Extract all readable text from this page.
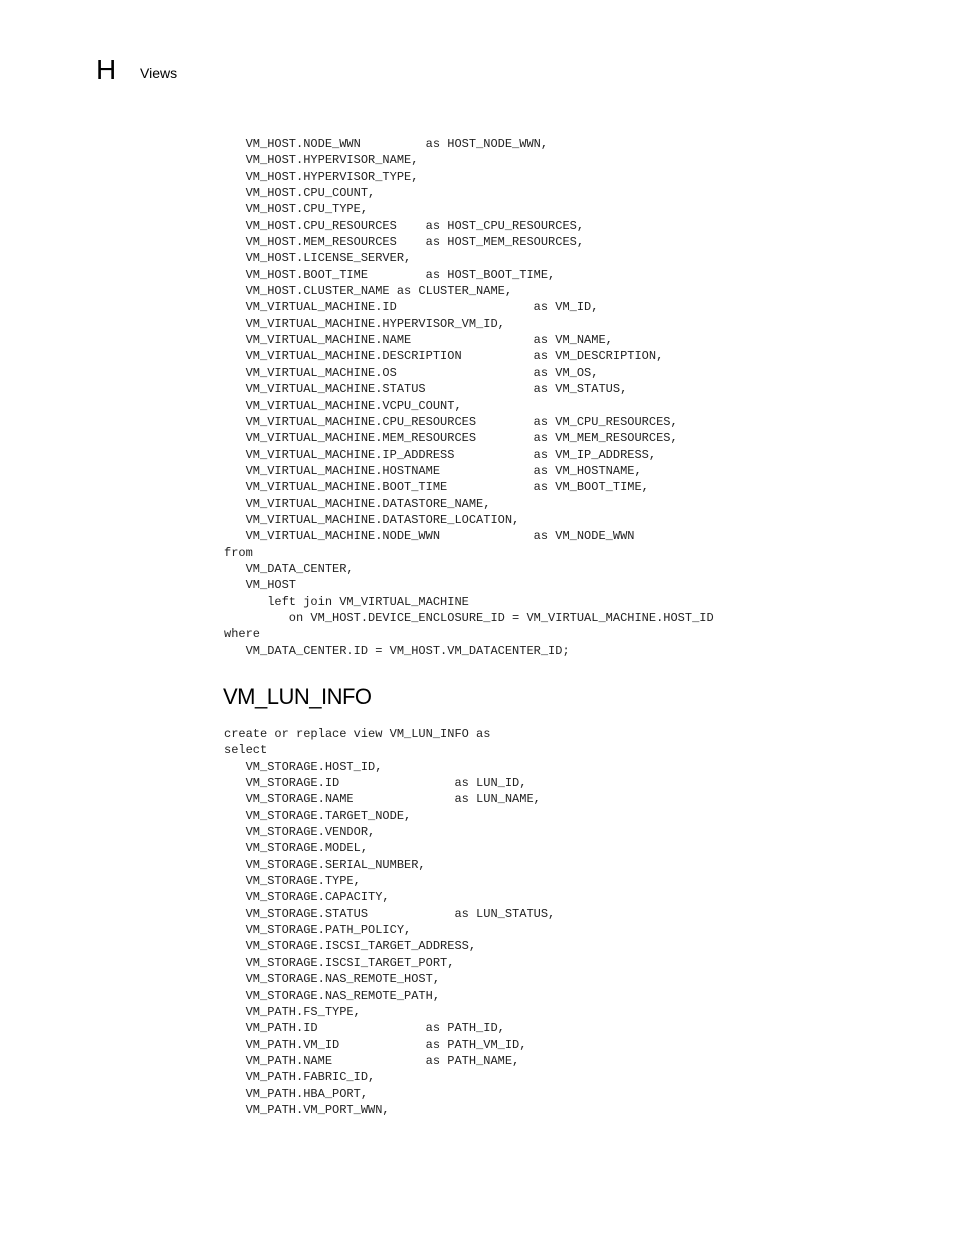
H Views
VM_HOST.NODE_WWN         as HOST_NODE_WWN,
VM_HOST.HYPERVISOR_NAME,
VM_HOST.HYPERVISOR_TYPE,
VM_HOST.CPU_COUNT,
VM_HOST.CPU_TYPE,
VM_HOST.CPU_RESOURCES    as HOST_CPU_RESOURCES,
VM_HOST.MEM_RESOURCES    as HOST_MEM_RESOURCES,
VM_HOST.LICENSE_SERVER,
VM_HOST.BOOT_TIME        as HOST_BOOT_TIME,
VM_HOST.CLUSTER_NAME as CLUSTER_NAME,
VM_VIRTUAL_MACHINE.ID                   as VM_ID,
VM_VIRTUAL_MACHINE.HYPERVISOR_VM_ID,
VM_VIRTUAL_MACHINE.NAME                 as VM_NAME,
VM_VIRTUAL_MACHINE.DESCRIPTION          as VM_DESCRIPTION,
VM_VIRTUAL_MACHINE.OS                   as VM_OS,
VM_VIRTUAL_MACHINE.STATUS               as VM_STATUS,
VM_VIRTUAL_MACHINE.VCPU_COUNT,
VM_VIRTUAL_MACHINE.CPU_RESOURCES        as VM_CPU_RESOURCES,
VM_VIRTUAL_MACHINE.MEM_RESOURCES        as VM_MEM_RESOURCES,
VM_VIRTUAL_MACHINE.IP_ADDRESS           as VM_IP_ADDRESS,
VM_VIRTUAL_MACHINE.HOSTNAME             as VM_HOSTNAME,
VM_VIRTUAL_MACHINE.BOOT_TIME            as VM_BOOT_TIME,
VM_VIRTUAL_MACHINE.DATASTORE_NAME,
VM_VIRTUAL_MACHINE.DATASTORE_LOCATION,
VM_VIRTUAL_MACHINE.NODE_WWN             as VM_NODE_WWN
from
VM_DATA_CENTER,
VM_HOST
left join VM_VIRTUAL_MACHINE
on VM_HOST.DEVICE_ENCLOSURE_ID = VM_VIRTUAL_MACHINE.HOST_ID
where
VM_DATA_CENTER.ID = VM_HOST.VM_DATACENTER_ID;
VM_LUN_INFO
create or replace view VM_LUN_INFO as
select
VM_STORAGE.HOST_ID,
VM_STORAGE.ID                as LUN_ID,
VM_STORAGE.NAME              as LUN_NAME,
VM_STORAGE.TARGET_NODE,
VM_STORAGE.VENDOR,
VM_STORAGE.MODEL,
VM_STORAGE.SERIAL_NUMBER,
VM_STORAGE.TYPE,
VM_STORAGE.CAPACITY,
VM_STORAGE.STATUS            as LUN_STATUS,
VM_STORAGE.PATH_POLICY,
VM_STORAGE.ISCSI_TARGET_ADDRESS,
VM_STORAGE.ISCSI_TARGET_PORT,
VM_STORAGE.NAS_REMOTE_HOST,
VM_STORAGE.NAS_REMOTE_PATH,
VM_PATH.FS_TYPE,
VM_PATH.ID               as PATH_ID,
VM_PATH.VM_ID            as PATH_VM_ID,
VM_PATH.NAME             as PATH_NAME,
VM_PATH.FABRIC_ID,
VM_PATH.HBA_PORT,
VM_PATH.VM_PORT_WWN,
